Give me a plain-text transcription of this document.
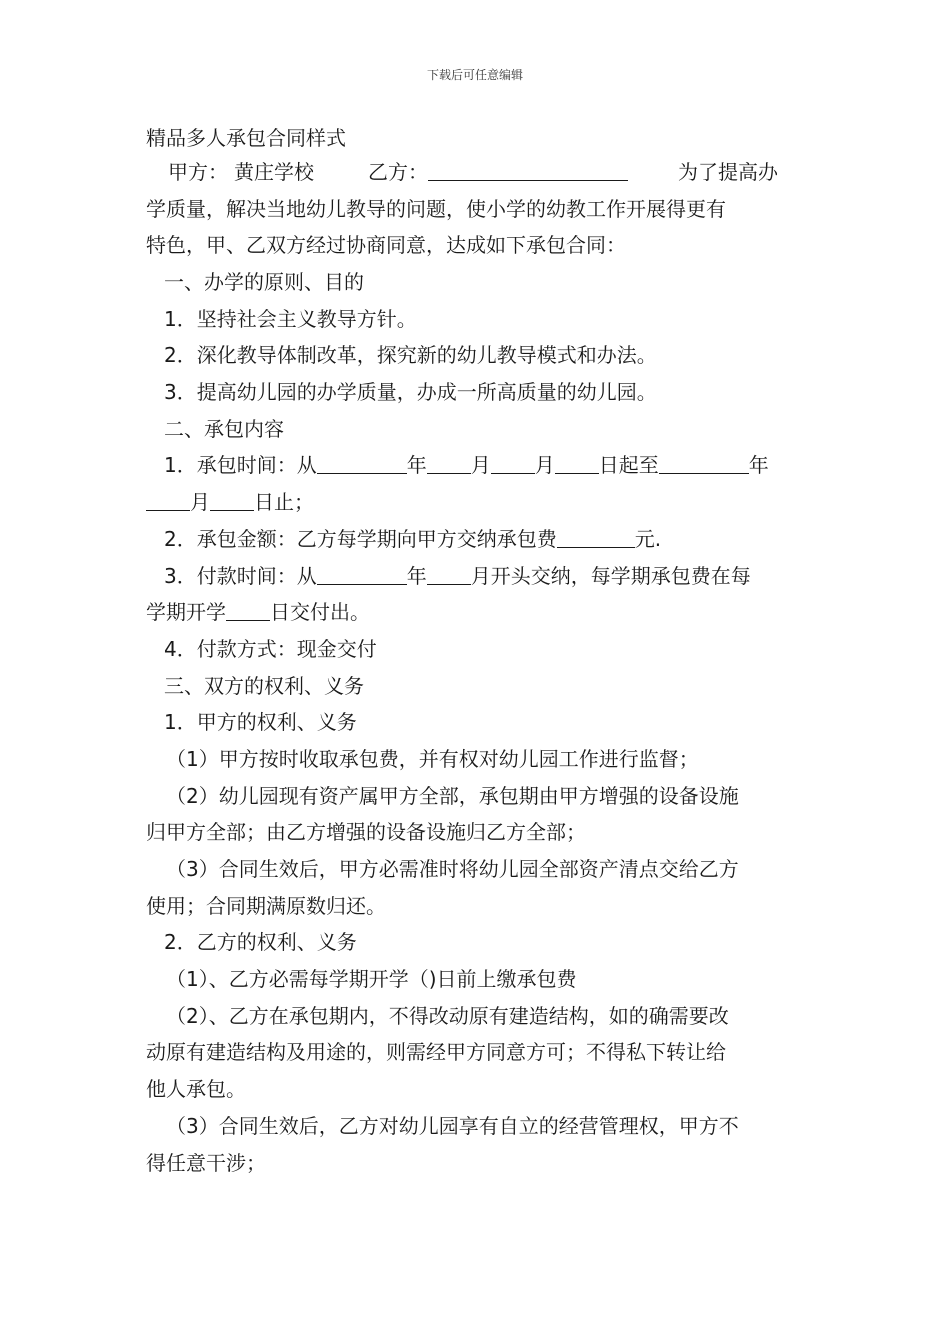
下载后可任意编辑
精品多人承包合同样式
甲方： 黄庄学校	乙方：	为了提高办
学质量，解决当地幼儿教导的问题，使小学的幼教工作开展得更有
特色，甲、乙双方经过协商同意，达成如下承包合同：
一、办学的原则、目的
1．坚持社会主义教导方针。
2．深化教导体制改革，探究新的幼儿教导模式和办法。
3．提高幼儿园的办学质量，办成一所高质量的幼儿园。
二、承包内容
1．承包时间：从	年 月 月 日起至	年
月 日止；
2．承包金额：乙方每学期向甲方交纳承包费	元.
3．付款时间：从	年 月开头交纳，每学期承包费在每
学期开学 日交付出。
4．付款方式：现金交付
三、双方的权利、义务
1．甲方的权利、义务
（1）甲方按时收取承包费，并有权对幼儿园工作进行监督；
（2）幼儿园现有资产属甲方全部，承包期由甲方增强的设备设施
归甲方全部；由乙方增强的设备设施归乙方全部；
（3）合同生效后，甲方必需准时将幼儿园全部资产清点交给乙方
使用；合同期满原数归还。
2．乙方的权利、义务
（1）、乙方必需每学期开学（)日前上缴承包费
（2）、乙方在承包期内，不得改动原有建造结构，如的确需要改
动原有建造结构及用途的，则需经甲方同意方可；不得私下转让给
他人承包。
（3）合同生效后，乙方对幼儿园享有自立的经营管理权，甲方不
得任意干涉；
